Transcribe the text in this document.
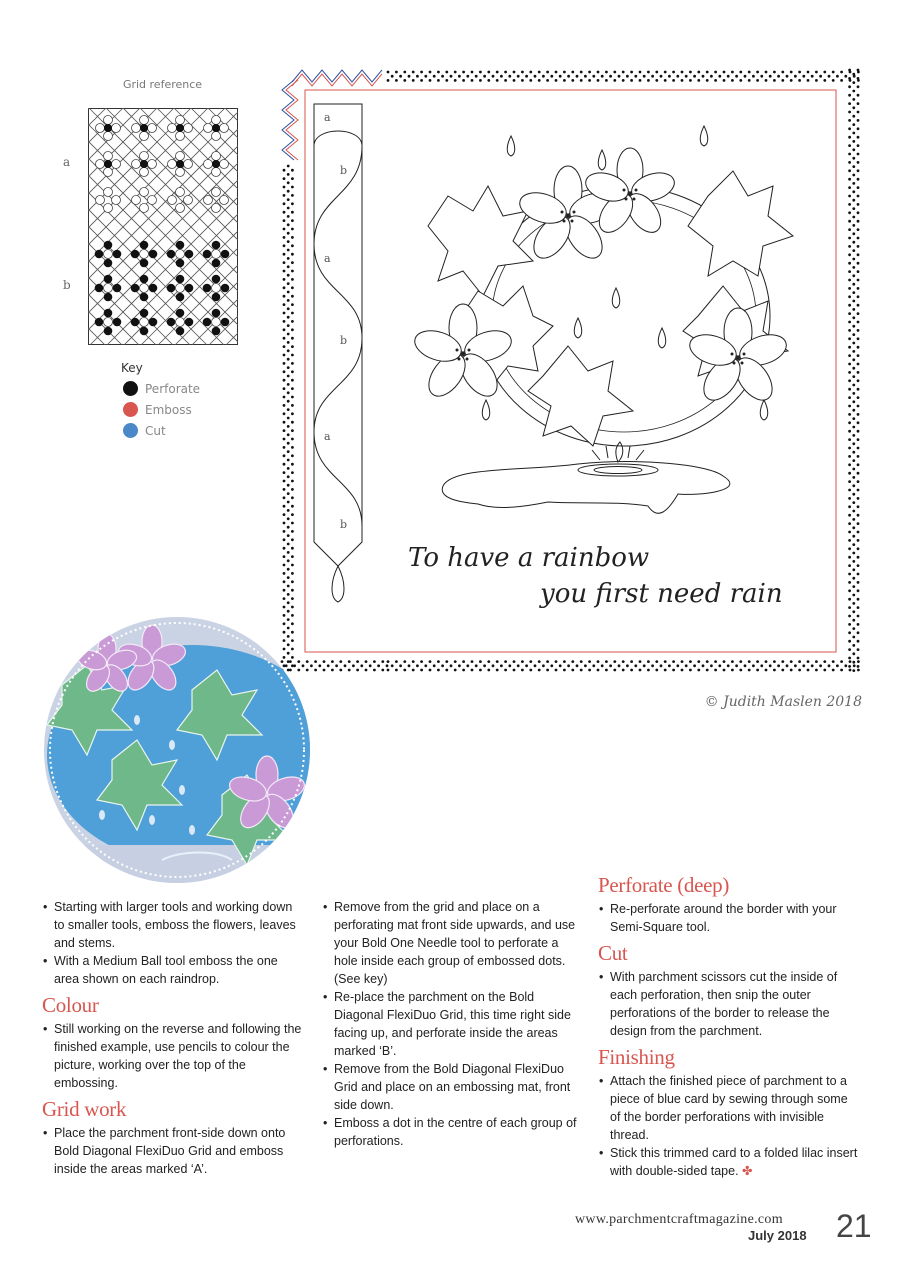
Grid reference
a
b
Key
Perforate
Emboss
Cut
To have a rainbow
you first need rain
a
b
a
b
a
b
© Judith Maslen 2018
• Starting with larger tools and working down to smaller tools, emboss the flowers, leaves and stems.
• With a Medium Ball tool emboss the one area shown on each raindrop.
Colour
• Still working on the reverse and following the finished example, use pencils to colour the picture, working over the top of the embossing.
Grid work
• Place the parchment front-side down onto Bold Diagonal FlexiDuo Grid and emboss inside the areas marked ‘A’.
• Remove from the grid and place on a perforating mat front side upwards, and use your Bold One Needle tool to perforate a hole inside each group of embossed dots. (See key)
• Re-place the parchment on the Bold Diagonal FlexiDuo Grid, this time right side facing up, and perforate inside the areas marked ‘B’.
• Remove from the Bold Diagonal FlexiDuo Grid and place on an embossing mat, front side down.
• Emboss a dot in the centre of each group of perforations.
Perforate (deep)
• Re-perforate around the border with your Semi-Square tool.
Cut
• With parchment scissors cut the inside of each perforation, then snip the outer perforations of the border to release the design from the parchment.
Finishing
• Attach the finished piece of parchment to a piece of blue card by sewing through some of the border perforations with invisible thread.
• Stick this trimmed card to a folded lilac insert with double-sided tape. ✤
www.parchmentcraftmagazine.com
July 2018 21
